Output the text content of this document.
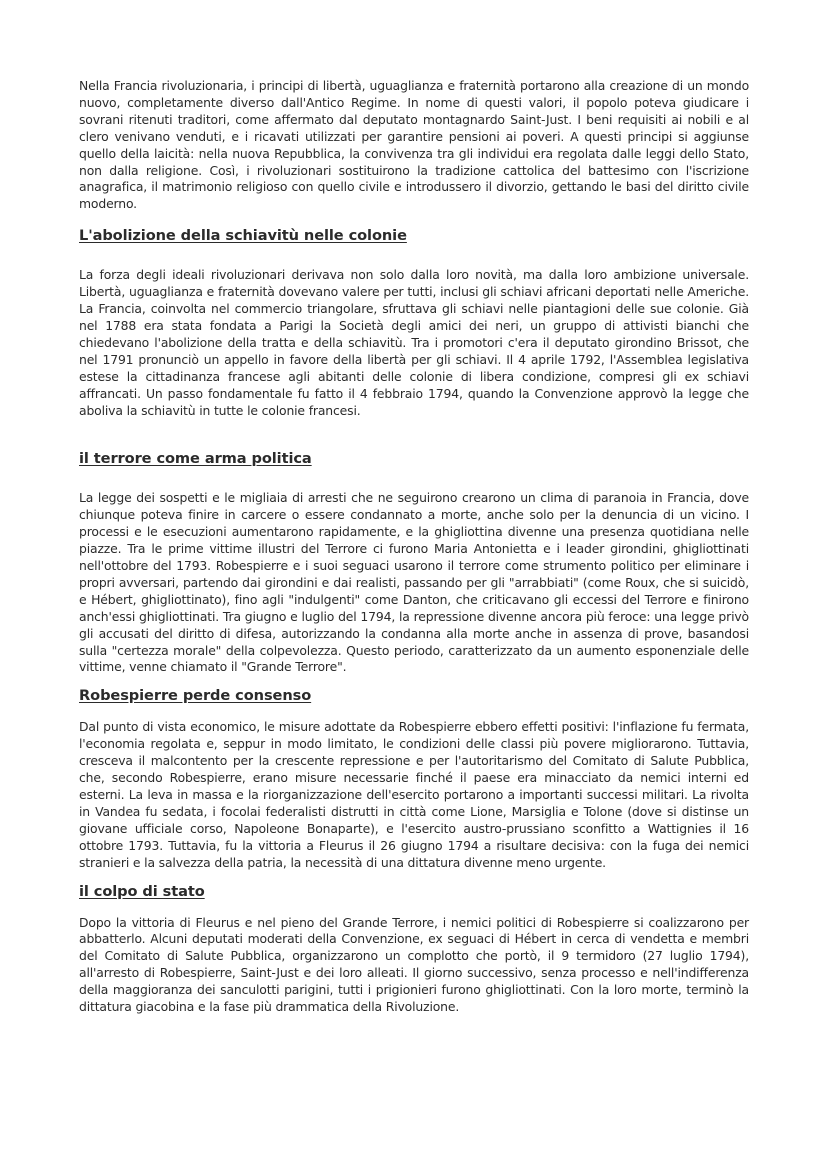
Nella Francia rivoluzionaria, i principi di libertà, uguaglianza e fraternità portarono alla creazione di un mondo nuovo, completamente diverso dall'Antico Regime. In nome di questi valori, il popolo poteva giudicare i sovrani ritenuti traditori, come affermato dal deputato montagnardo Saint-Just. I beni requisiti ai nobili e al clero venivano venduti, e i ricavati utilizzati per garantire pensioni ai poveri. A questi principi si aggiunse quello della laicità: nella nuova Repubblica, la convivenza tra gli individui era regolata dalle leggi dello Stato, non dalla religione. Così, i rivoluzionari sostituirono la tradizione cattolica del battesimo con l'iscrizione anagrafica, il matrimonio religioso con quello civile e introdussero il divorzio, gettando le basi del diritto civile moderno.

L'abolizione della schiavitù nelle colonie

La forza degli ideali rivoluzionari derivava non solo dalla loro novità, ma dalla loro ambizione universale. Libertà, uguaglianza e fraternità dovevano valere per tutti, inclusi gli schiavi africani deportati nelle Americhe. La Francia, coinvolta nel commercio triangolare, sfruttava gli schiavi nelle piantagioni delle sue colonie. Già nel 1788 era stata fondata a Parigi la Società degli amici dei neri, un gruppo di attivisti bianchi che chiedevano l'abolizione della tratta e della schiavitù. Tra i promotori c'era il deputato girondino Brissot, che nel 1791 pronunciò un appello in favore della libertà per gli schiavi. Il 4 aprile 1792, l'Assemblea legislativa estese la cittadinanza francese agli abitanti delle colonie di libera condizione, compresi gli ex schiavi affrancati. Un passo fondamentale fu fatto il 4 febbraio 1794, quando la Convenzione approvò la legge che aboliva la schiavitù in tutte le colonie francesi.

il terrore come arma politica

La legge dei sospetti e le migliaia di arresti che ne seguirono crearono un clima di paranoia in Francia, dove chiunque poteva finire in carcere o essere condannato a morte, anche solo per la denuncia di un vicino. I processi e le esecuzioni aumentarono rapidamente, e la ghigliottina divenne una presenza quotidiana nelle piazze. Tra le prime vittime illustri del Terrore ci furono Maria Antonietta e i leader girondini, ghigliottinati nell'ottobre del 1793. Robespierre e i suoi seguaci usarono il terrore come strumento politico per eliminare i propri avversari, partendo dai girondini e dai realisti, passando per gli "arrabbiati" (come Roux, che si suicidò, e Hébert, ghigliottinato), fino agli "indulgenti" come Danton, che criticavano gli eccessi del Terrore e finirono anch'essi ghigliottinati. Tra giugno e luglio del 1794, la repressione divenne ancora più feroce: una legge privò gli accusati del diritto di difesa, autorizzando la condanna alla morte anche in assenza di prove, basandosi sulla "certezza morale" della colpevolezza. Questo periodo, caratterizzato da un aumento esponenziale delle vittime, venne chiamato il "Grande Terrore".

Robespierre perde consenso

Dal punto di vista economico, le misure adottate da Robespierre ebbero effetti positivi: l'inflazione fu fermata, l'economia regolata e, seppur in modo limitato, le condizioni delle classi più povere migliorarono. Tuttavia, cresceva il malcontento per la crescente repressione e per l'autoritarismo del Comitato di Salute Pubblica, che, secondo Robespierre, erano misure necessarie finché il paese era minacciato da nemici interni ed esterni. La leva in massa e la riorganizzazione dell'esercito portarono a importanti successi militari. La rivolta in Vandea fu sedata, i focolai federalisti distrutti in città come Lione, Marsiglia e Tolone (dove si distinse un giovane ufficiale corso, Napoleone Bonaparte), e l'esercito austro-prussiano sconfitto a Wattignies il 16 ottobre 1793. Tuttavia, fu la vittoria a Fleurus il 26 giugno 1794 a risultare decisiva: con la fuga dei nemici stranieri e la salvezza della patria, la necessità di una dittatura divenne meno urgente.

il colpo di stato

Dopo la vittoria di Fleurus e nel pieno del Grande Terrore, i nemici politici di Robespierre si coalizzarono per abbatterlo. Alcuni deputati moderati della Convenzione, ex seguaci di Hébert in cerca di vendetta e membri del Comitato di Salute Pubblica, organizzarono un complotto che portò, il 9 termidoro (27 luglio 1794), all'arresto di Robespierre, Saint-Just e dei loro alleati. Il giorno successivo, senza processo e nell'indifferenza della maggioranza dei sanculotti parigini, tutti i prigionieri furono ghigliottinati. Con la loro morte, terminò la dittatura giacobina e la fase più drammatica della Rivoluzione.
